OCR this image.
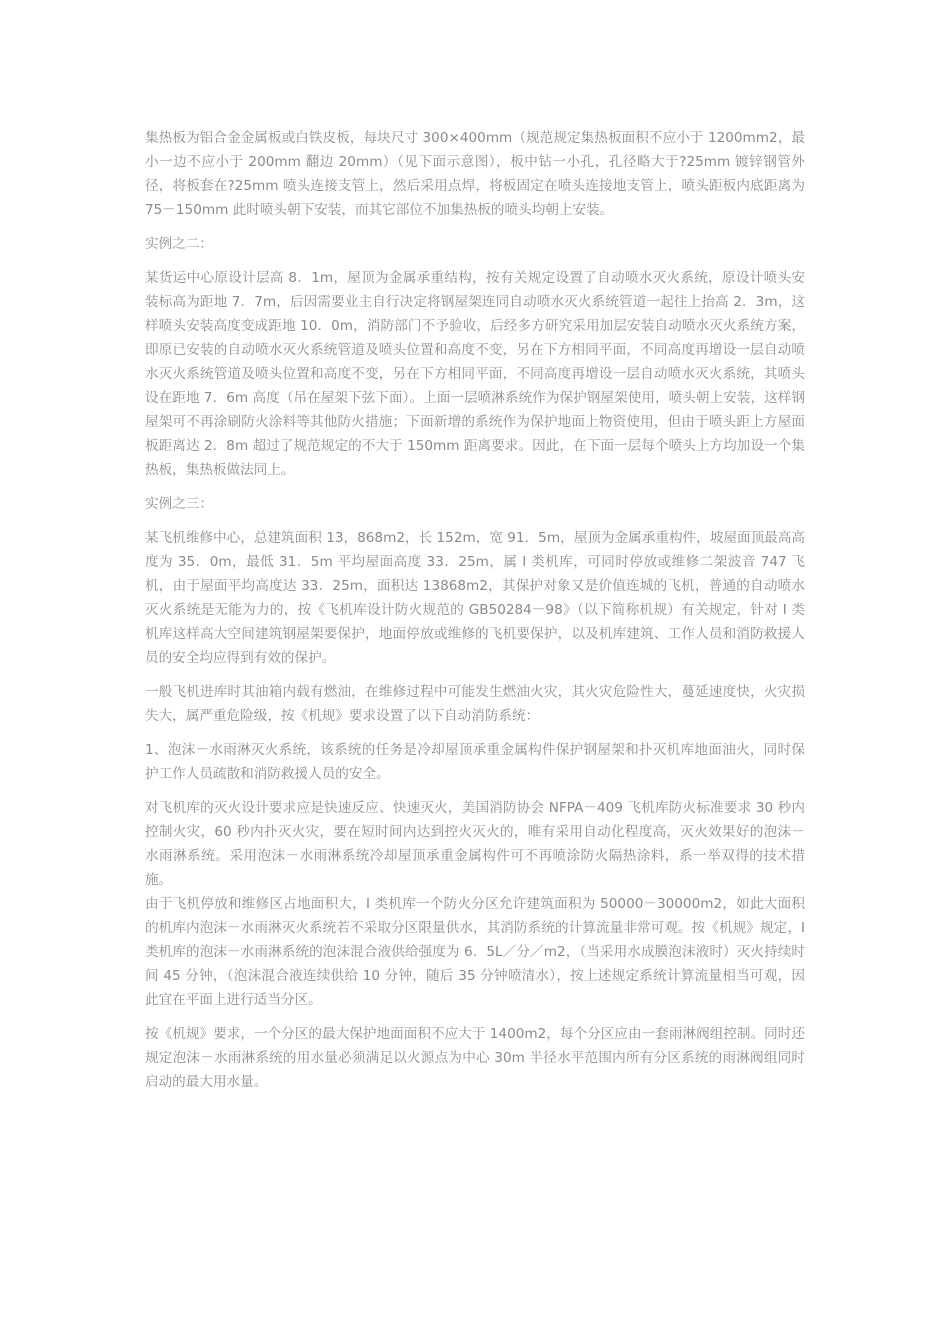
集热板为铝合金金属板或白铁皮板，每块尺寸 300×400mm（规范规定集热板面积不应小于 1200mm2，最小一边不应小于 200mm 翻边 20mm）（见下面示意图），板中钻一小孔，孔径略大于?25mm 镀锌钢管外径，将板套在?25mm 喷头连接支管上，然后采用点焊，将板固定在喷头连接地支管上，喷头距板内底距离为 75－150mm 此时喷头朝下安装，而其它部位不加集热板的喷头均朝上安装。

实例之二：

某货运中心原设计层高 8．1m，屋顶为金属承重结构，按有关规定设置了自动喷水灭火系统，原设计喷头安装标高为距地 7．7m，后因需要业主自行决定将钢屋架连同自动喷水灭火系统管道一起往上抬高 2．3m，这样喷头安装高度变成距地 10．0m，消防部门不予验收，后经多方研究采用加层安装自动喷水灭火系统方案，即原已安装的自动喷水灭火系统管道及喷头位置和高度不变，另在下方相同平面，不同高度再增设一层自动喷水灭火系统管道及喷头位置和高度不变，另在下方相同平面，不同高度再增设一层自动喷水灭火系统，其喷头设在距地 7．6m 高度（吊在屋架下弦下面）。上面一层喷淋系统作为保护钢屋架使用，喷头朝上安装，这样钢屋架可不再涂刷防火涂料等其他防火措施；下面新增的系统作为保护地面上物资使用，但由于喷头距上方屋面板距离达 2．8m 超过了规范规定的不大于 150mm 距离要求。因此，在下面一层每个喷头上方均加设一个集热板，集热板做法同上。

实例之三：

某飞机维修中心，总建筑面积 13，868m2，长 152m，宽 91．5m，屋顶为金属承重构件，坡屋面顶最高高度为 35．0m，最低 31．5m 平均屋面高度 33．25m，属 I 类机库，可同时停放或维修二架波音 747 飞机，由于屋面平均高度达 33．25m，面积达 13868m2，其保护对象又是价值连城的飞机，普通的自动喷水灭火系统是无能为力的，按《飞机库设计防火规范的 GB50284－98》（以下简称机规）有关规定，针对 I 类机库这样高大空间建筑钢屋架要保护，地面停放或维修的飞机要保护，以及机库建筑、工作人员和消防救援人员的安全均应得到有效的保护。

一般飞机进库时其油箱内载有燃油，在维修过程中可能发生燃油火灾，其火灾危险性大，蔓延速度快，火灾损失大，属严重危险级，按《机规》要求设置了以下自动消防系统：

1、泡沫－水雨淋灭火系统，该系统的任务是冷却屋顶承重金属构件保护钢屋架和扑灭机库地面油火，同时保护工作人员疏散和消防救援人员的安全。

对飞机库的灭火设计要求应是快速反应、快速灭火，美国消防协会 NFPA－409 飞机库防火标准要求 30 秒内控制火灾，60 秒内扑灭火灾，要在短时间内达到控火灭火的，唯有采用自动化程度高，灭火效果好的泡沫－水雨淋系统。采用泡沫－水雨淋系统冷却屋顶承重金属构件可不再喷涂防火隔热涂料，系一举双得的技术措施。

由于飞机停放和维修区占地面积大，I 类机库一个防火分区允许建筑面积为 50000－30000m2，如此大面积的机库内泡沫－水雨淋灭火系统若不采取分区限量供水，其消防系统的计算流量非常可观。按《机规》规定，I 类机库的泡沫－水雨淋系统的泡沫混合液供给强度为 6．5L／分／m2，（当采用水成膜泡沫液时）灭火持续时间 45 分钟，（泡沫混合液连续供给 10 分钟，随后 35 分钟喷清水），按上述规定系统计算流量相当可观，因此宜在平面上进行适当分区。

按《机规》要求，一个分区的最大保护地面面积不应大于 1400m2，每个分区应由一套雨淋阀组控制。同时还规定泡沫－水雨淋系统的用水量必须满足以火源点为中心 30m 半径水平范围内所有分区系统的雨淋阀组同时启动的最大用水量。
